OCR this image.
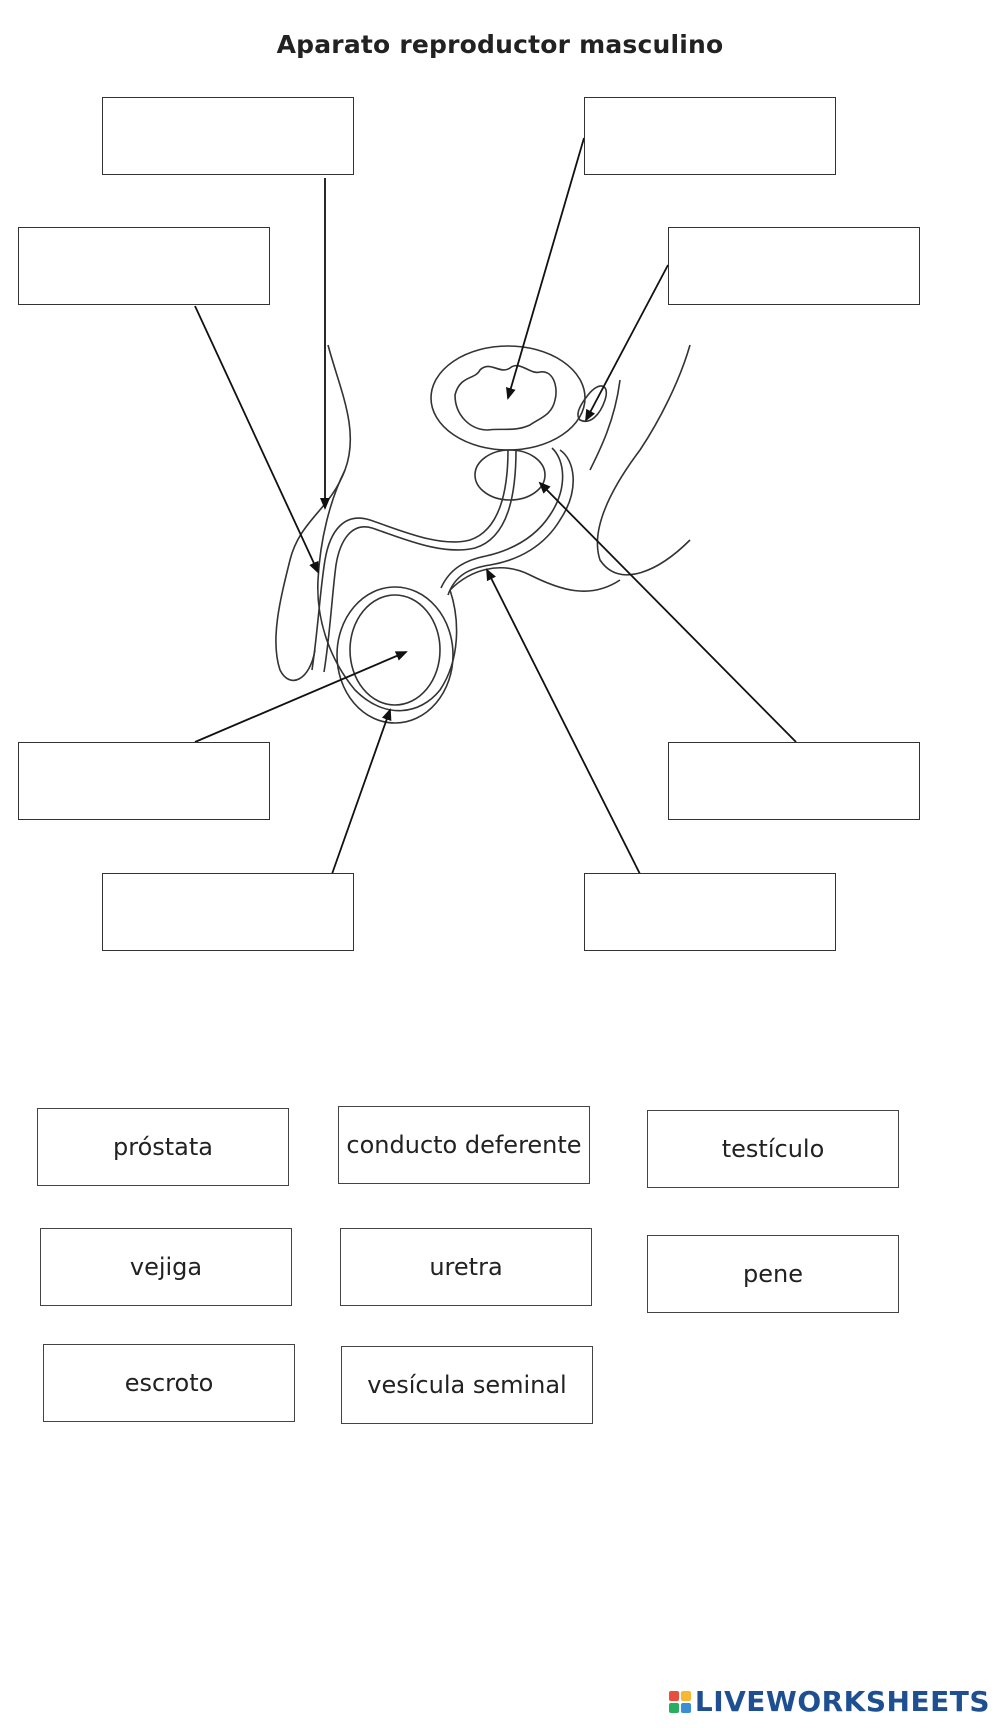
Aparato reproductor masculino
próstata	conducto deferente	testículo
vejiga	uretra	pene
escroto	vesícula seminal
LIVEWORKSHEETS
